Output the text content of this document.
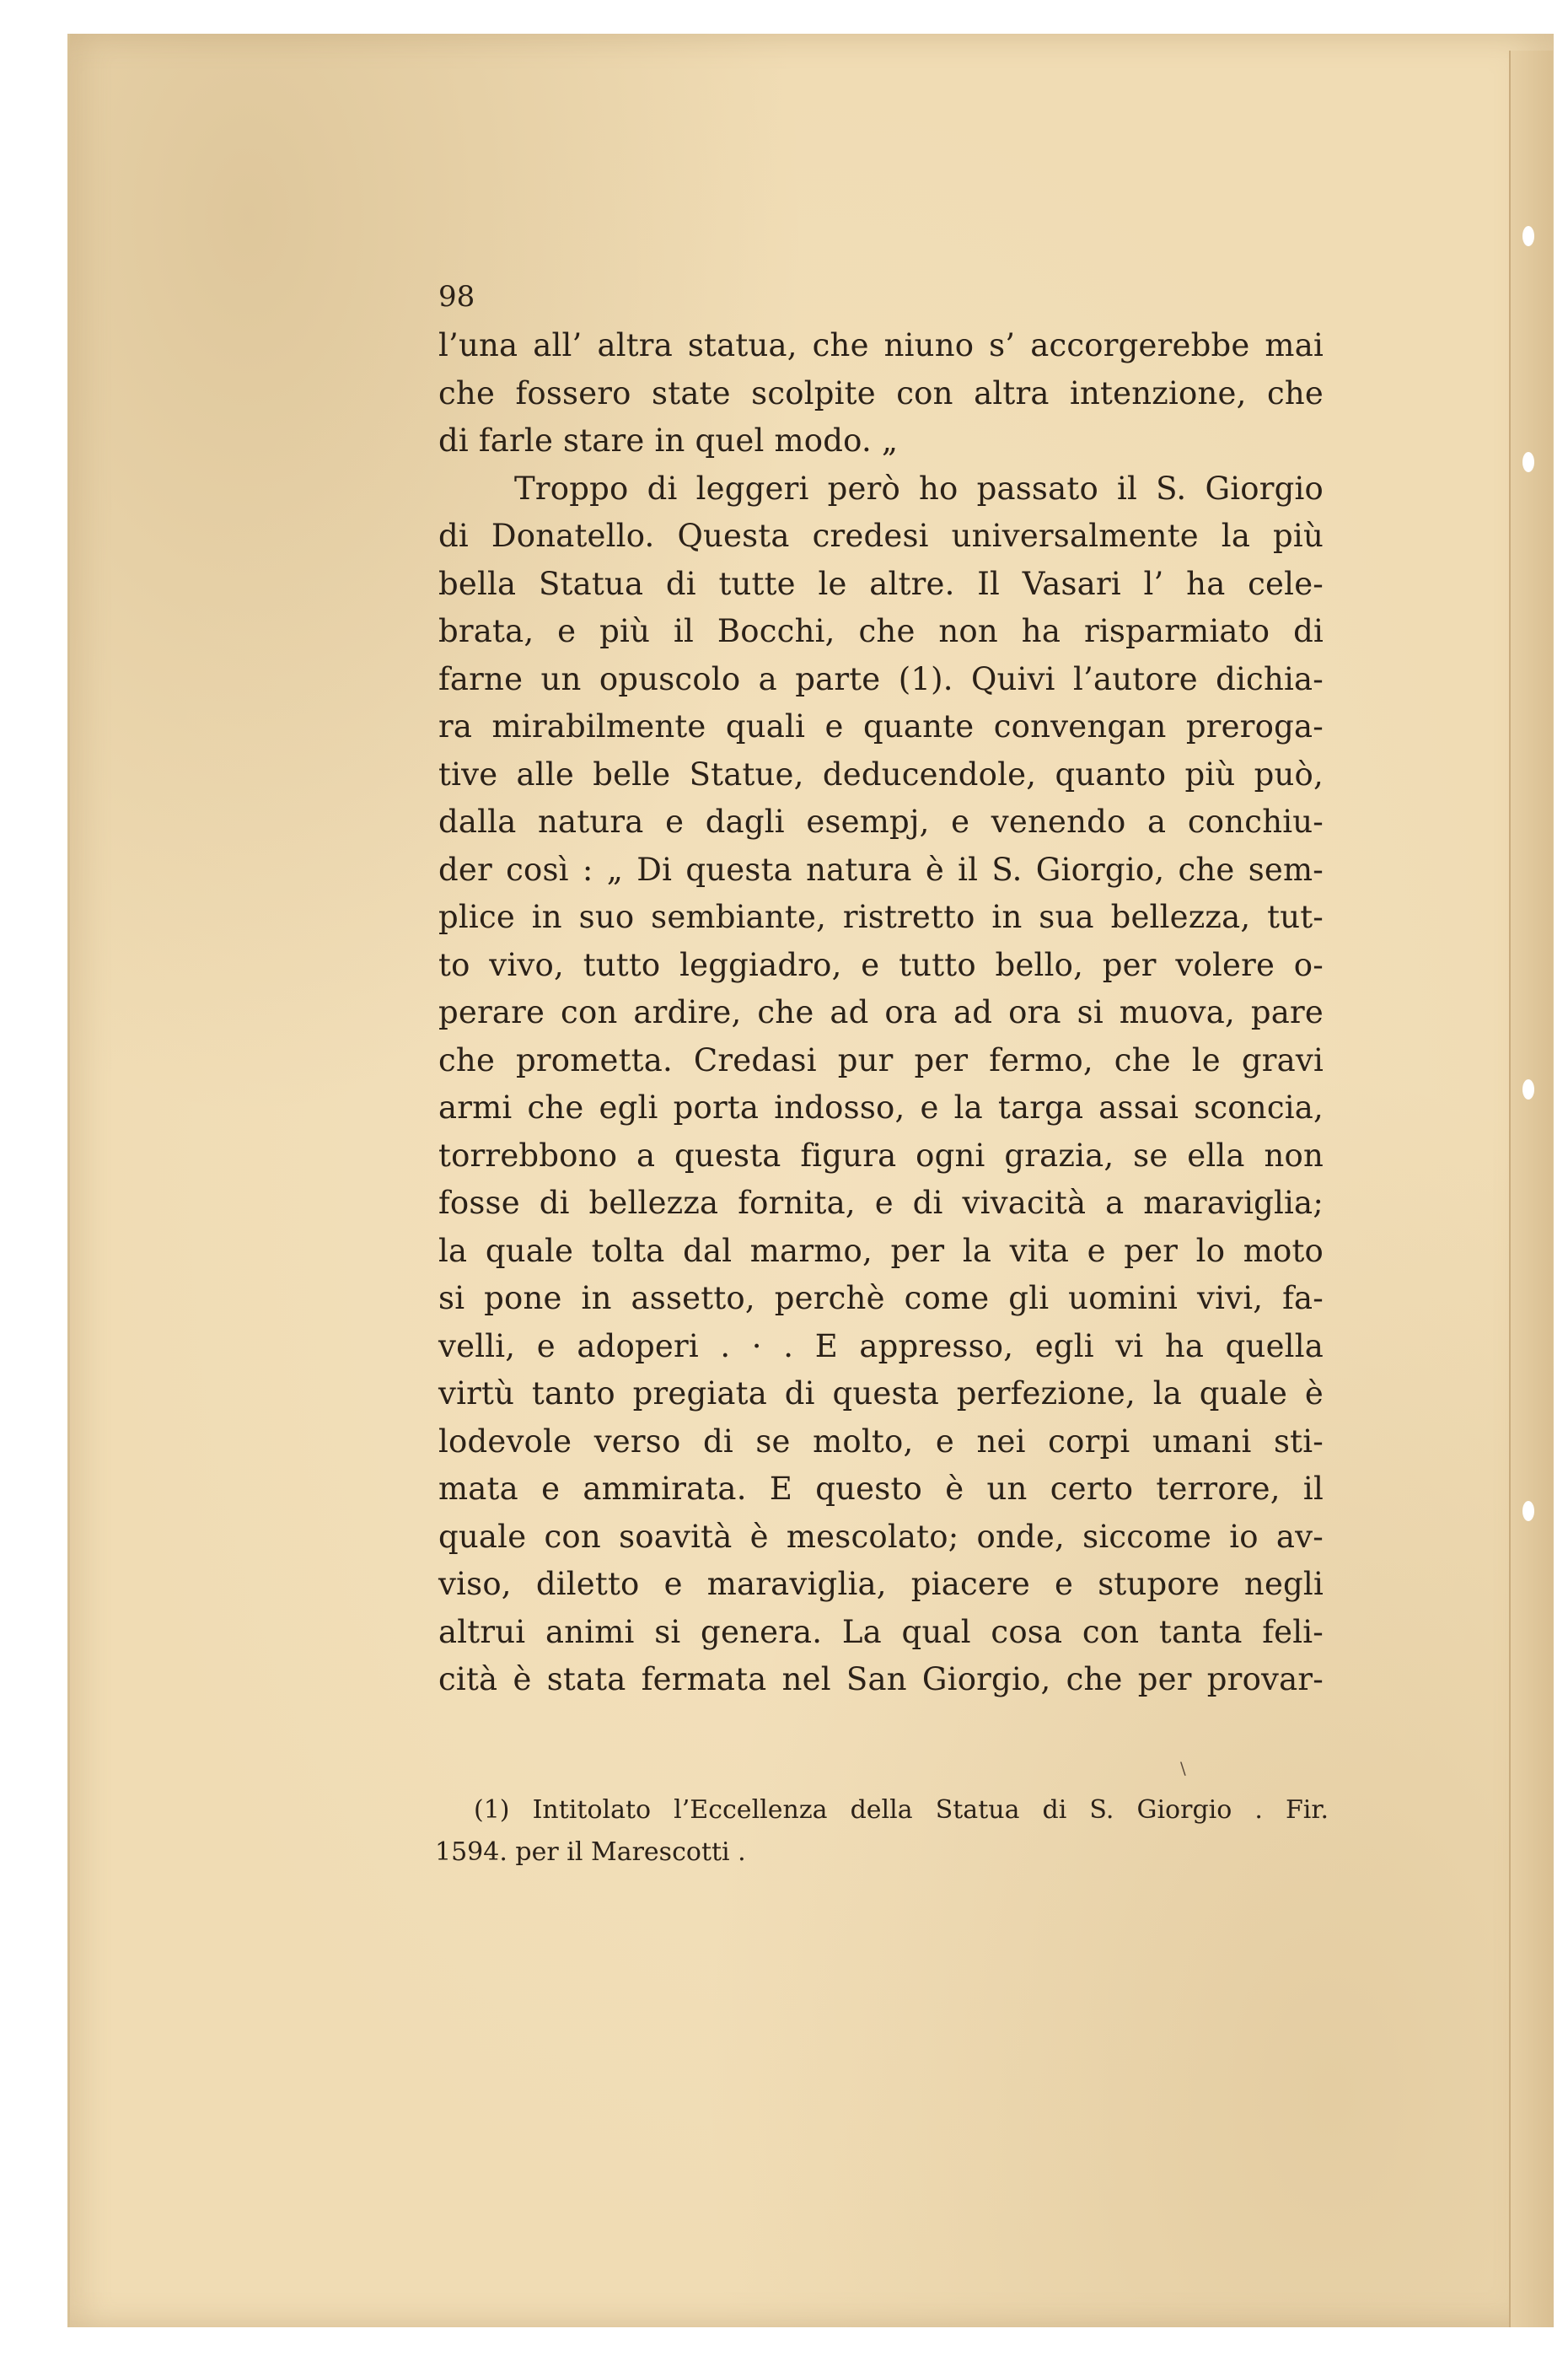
98
l’una all’ altra statua, che niuno s’ accorgerebbe mai
che fossero state scolpite con altra intenzione, che
di farle stare in quel modo. „
Troppo di leggeri però ho passato il S. Giorgio
di Donatello. Questa credesi universalmente la più
bella Statua di tutte le altre. Il Vasari l’ ha cele-
brata, e più il Bocchi, che non ha risparmiato di
farne un opuscolo a parte (1). Quivi l’autore dichia-
ra mirabilmente quali e quante convengan preroga-
tive alle belle Statue, deducendole, quanto più può,
dalla natura e dagli esempj, e venendo a conchiu-
der così : „ Di questa natura è il S. Giorgio, che sem-
plice in suo sembiante, ristretto in sua bellezza, tut-
to vivo, tutto leggiadro, e tutto bello, per volere o-
perare con ardire, che ad ora ad ora si muova, pare
che prometta. Credasi pur per fermo, che le gravi
armi che egli porta indosso, e la targa assai sconcia,
torrebbono a questa figura ogni grazia, se ella non
fosse di bellezza fornita, e di vivacità a maraviglia;
la quale tolta dal marmo, per la vita e per lo moto
si pone in assetto, perchè come gli uomini vivi, fa-
velli, e adoperi . · . E appresso, egli vi ha quella
virtù tanto pregiata di questa perfezione, la quale è
lodevole verso di se molto, e nei corpi umani sti-
mata e ammirata. E questo è un certo terrore, il
quale con soavità è mescolato; onde, siccome io av-
viso, diletto e maraviglia, piacere e stupore negli
altrui animi si genera. La qual cosa con tanta feli-
cità è stata fermata nel San Giorgio, che per provar-
\
(1) Intitolato l’Eccellenza della Statua di S. Giorgio . Fir.
1594. per il Marescotti .
